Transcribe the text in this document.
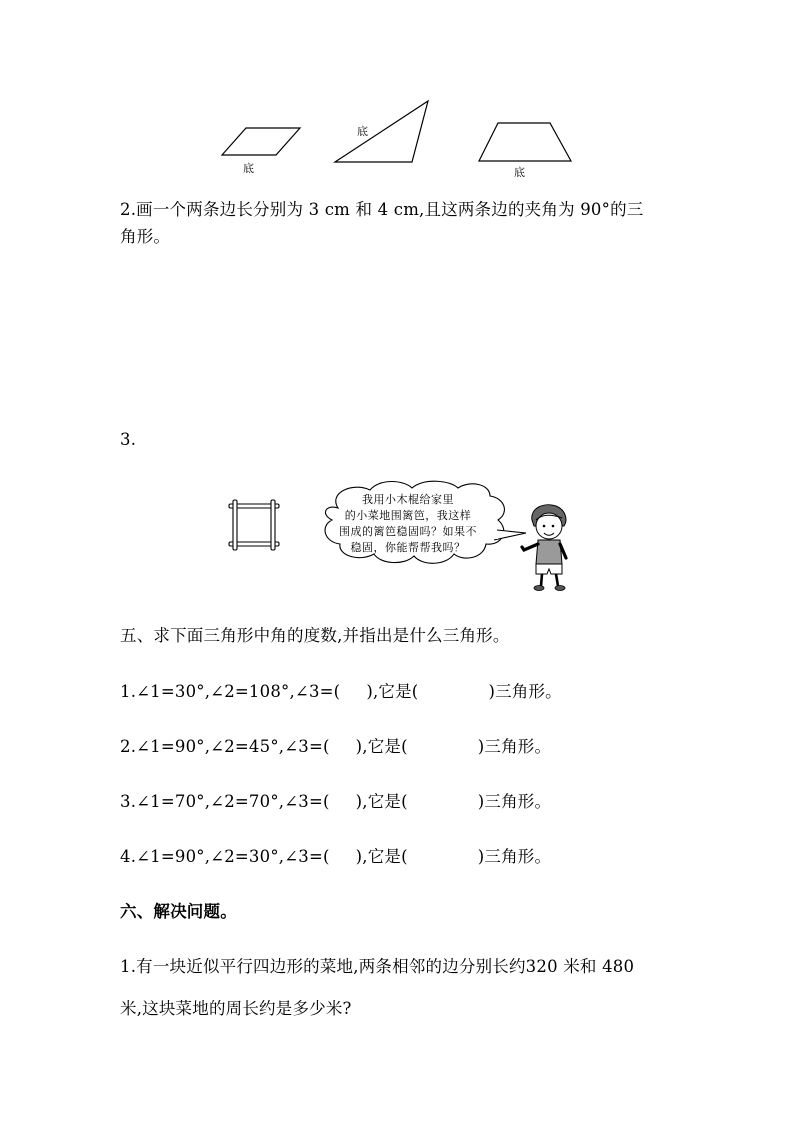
底
底
底
2.画一个两条边长分别为 3 cm 和 4 cm,且这两条边的夹角为 90°的三
角形。
3.
我用小木棍给家里
的小菜地围篱笆，我这样
围成的篱笆稳固吗？如果不
稳固，你能帮帮我吗？
五、求下面三角形中角的度数,并指出是什么三角形。
1.∠1=30°,∠2=108°,∠3=( ),它是(	)三角形。
2.∠1=90°,∠2=45°,∠3=( ),它是(	)三角形。
3.∠1=70°,∠2=70°,∠3=( ),它是(	)三角形。
4.∠1=90°,∠2=30°,∠3=( ),它是(	)三角形。
六、解决问题。
1.有一块近似平行四边形的菜地,两条相邻的边分别长约320 米和 480
米,这块菜地的周长约是多少米?
